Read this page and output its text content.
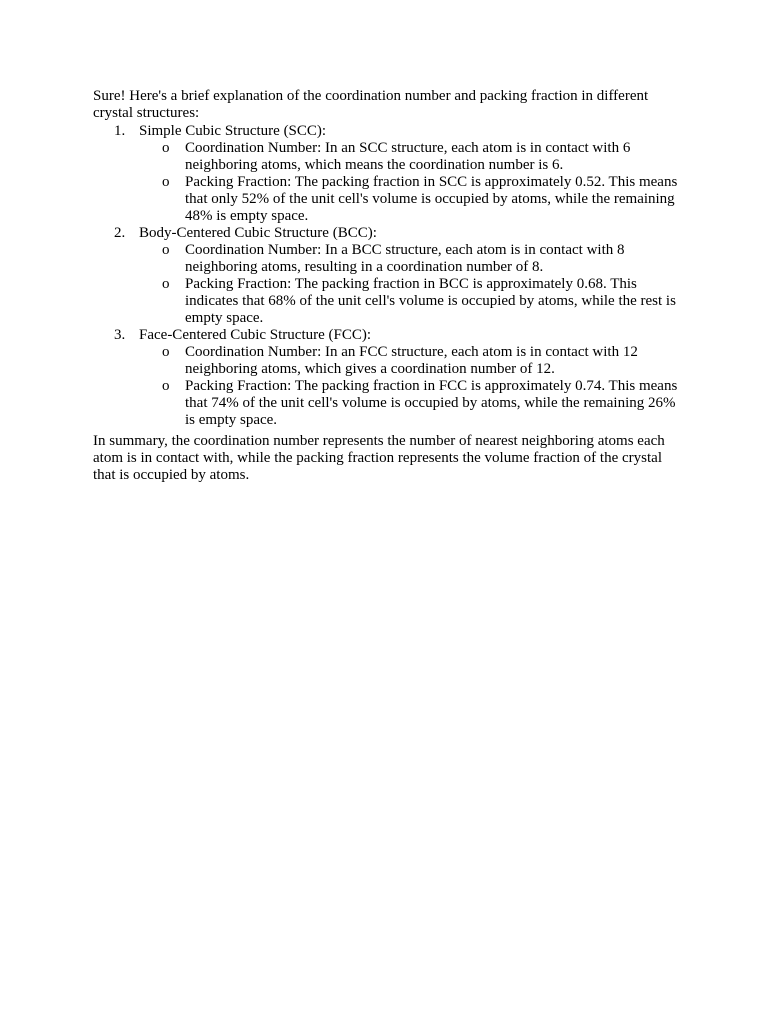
Sure! Here's a brief explanation of the coordination number and packing fraction in different crystal structures:

1. Simple Cubic Structure (SCC):
o Coordination Number: In an SCC structure, each atom is in contact with 6 neighboring atoms, which means the coordination number is 6.
o Packing Fraction: The packing fraction in SCC is approximately 0.52. This means that only 52% of the unit cell's volume is occupied by atoms, while the remaining 48% is empty space.
2. Body-Centered Cubic Structure (BCC):
o Coordination Number: In a BCC structure, each atom is in contact with 8 neighboring atoms, resulting in a coordination number of 8.
o Packing Fraction: The packing fraction in BCC is approximately 0.68. This indicates that 68% of the unit cell's volume is occupied by atoms, while the rest is empty space.
3. Face-Centered Cubic Structure (FCC):
o Coordination Number: In an FCC structure, each atom is in contact with 12 neighboring atoms, which gives a coordination number of 12.
o Packing Fraction: The packing fraction in FCC is approximately 0.74. This means that 74% of the unit cell's volume is occupied by atoms, while the remaining 26% is empty space.

In summary, the coordination number represents the number of nearest neighboring atoms each atom is in contact with, while the packing fraction represents the volume fraction of the crystal that is occupied by atoms.
